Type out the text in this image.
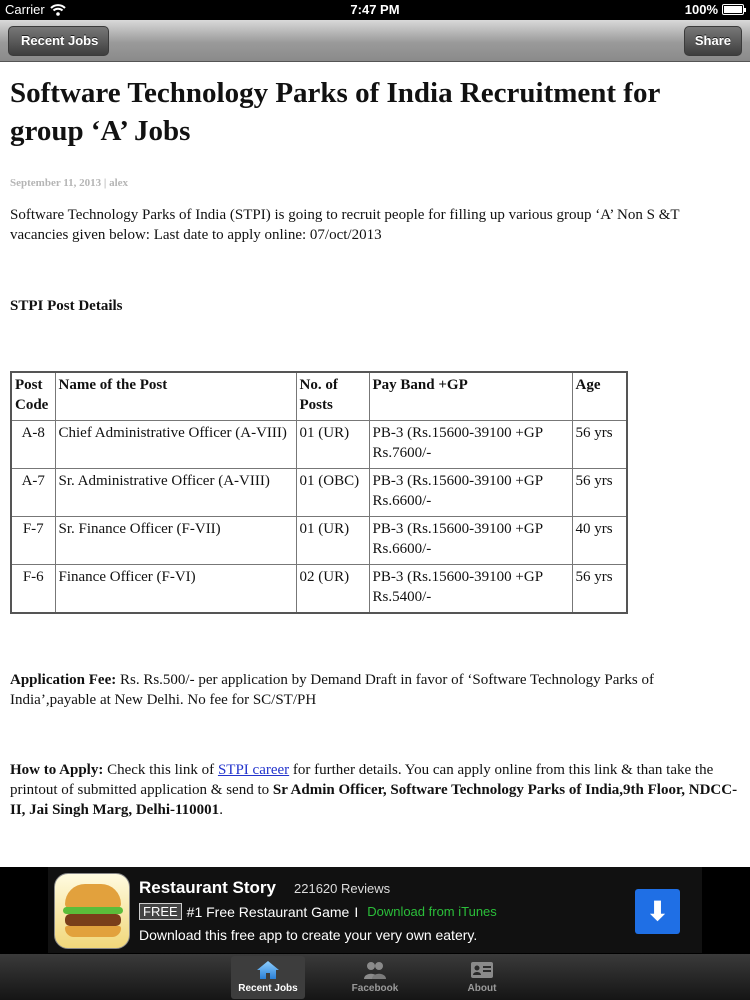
Carrier	7:47 PM	100%
Recent Jobs	Share
Software Technology Parks of India Recruitment for group ‘A’ Jobs
September 11, 2013 | alex

Software Technology Parks of India (STPI) is going to recruit people for filling up various group ‘A’ Non S &T vacancies given below: Last date to apply online: 07/oct/2013

STPI Post Details
Post Code	Name of the Post	No. of Posts	Pay Band +GP	Age
A-8	Chief Administrative Officer (A-VIII)	01 (UR)	PB-3 (Rs.15600-39100 +GP Rs.7600/-	56 yrs
A-7	Sr. Administrative Officer (A-VIII)	01 (OBC)	PB-3 (Rs.15600-39100 +GP Rs.6600/-	56 yrs
F-7	Sr. Finance Officer (F-VII)	01 (UR)	PB-3 (Rs.15600-39100 +GP Rs.6600/-	40 yrs
F-6	Finance Officer (F-VI)	02 (UR)	PB-3 (Rs.15600-39100 +GP Rs.5400/-	56 yrs

Application Fee: Rs. Rs.500/- per application by Demand Draft in favor of ‘Software Technology Parks of India’,payable at New Delhi. No fee for SC/ST/PH

How to Apply: Check this link of STPI career for further details. You can apply online from this link & than take the printout of submitted application & send to Sr Admin Officer, Software Technology Parks of India,9th Floor, NDCC-II, Jai Singh Marg, Delhi-110001.

Restaurant Story 221620 Reviews
FREE #1 Free Restaurant Game I Download from iTunes
Download this free app to create your very own eatery.
⬇
Recent Jobs	Facebook	About
